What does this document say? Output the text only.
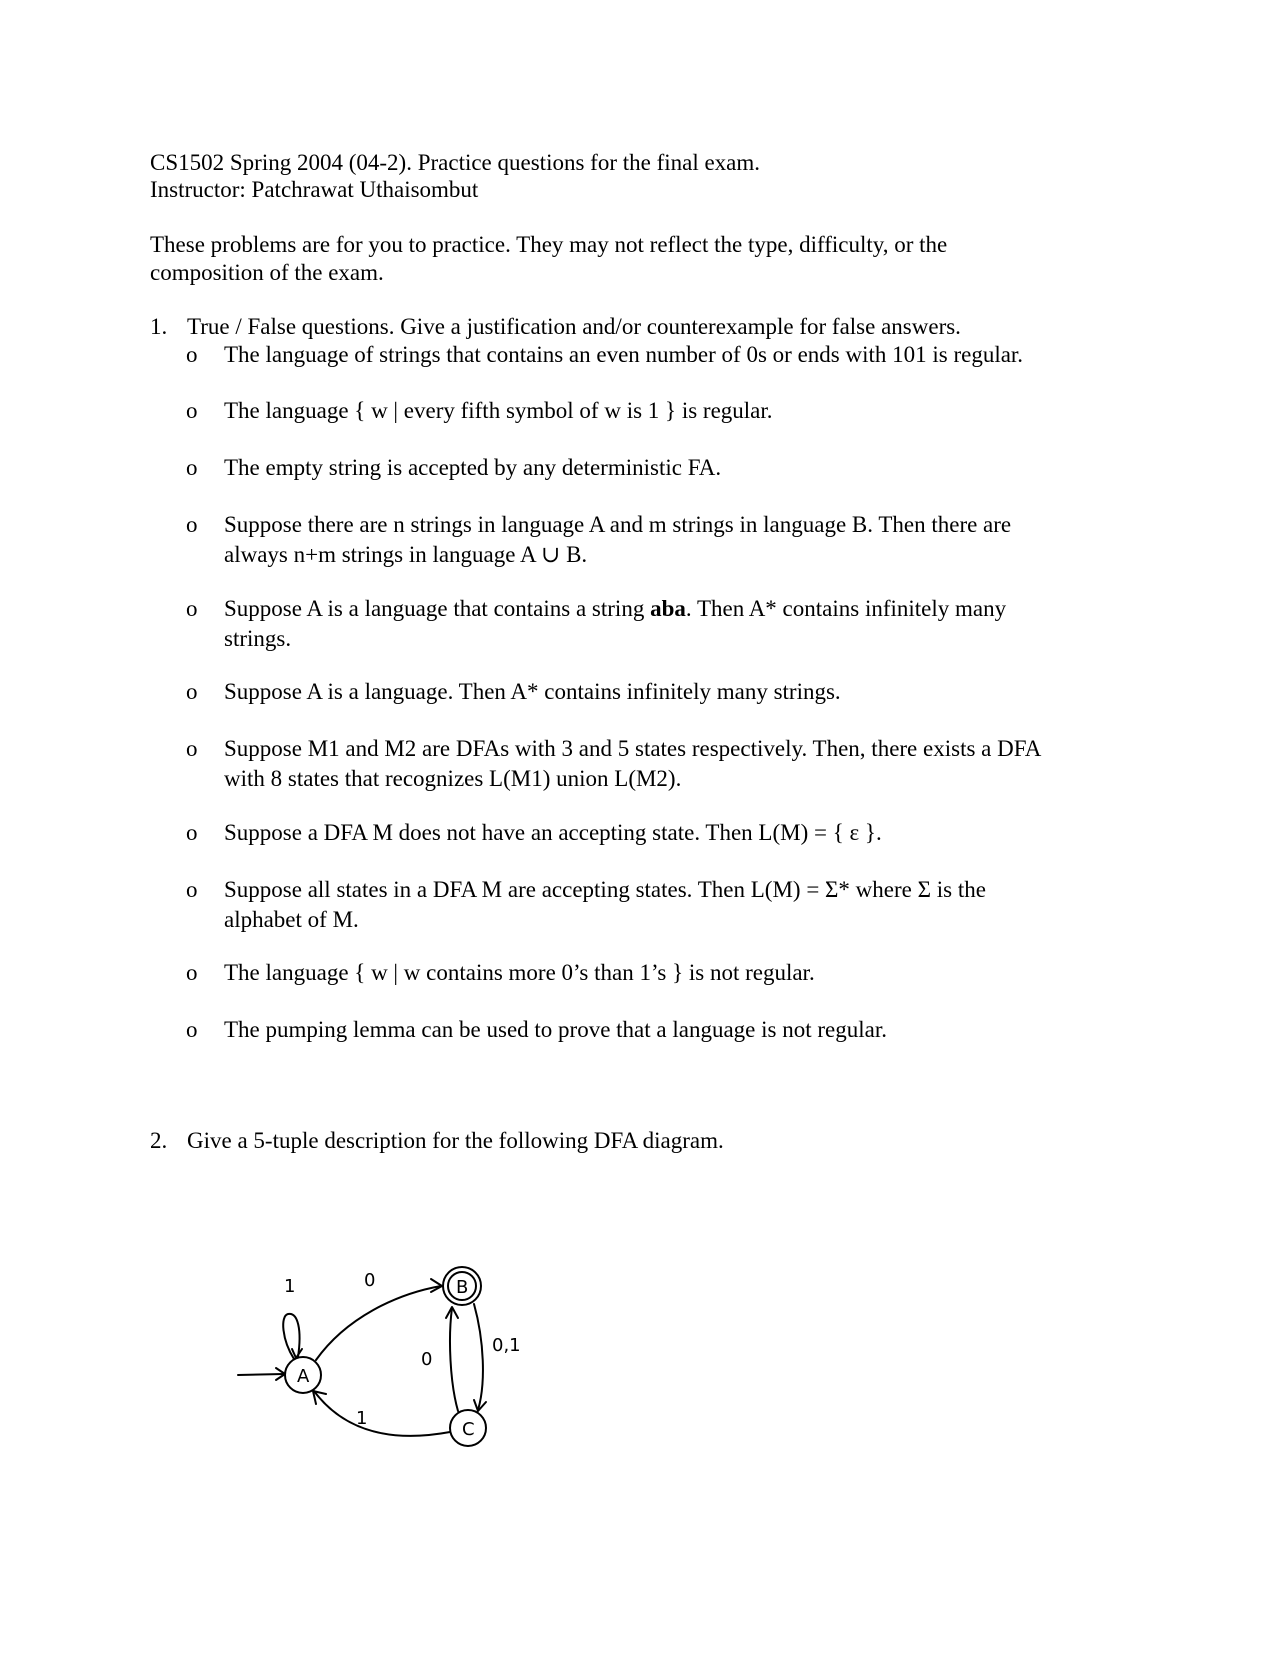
CS1502 Spring 2004 (04-2). Practice questions for the final exam.
Instructor: Patchrawat Uthaisombut
These problems are for you to practice. They may not reflect the type, difficulty, or the
composition of the exam.
1. True / False questions. Give a justification and/or counterexample for false answers.
o	The language of strings that contains an even number of 0s or ends with 101 is regular.
o	The language { w | every fifth symbol of w is 1 } is regular.
o	The empty string is accepted by any deterministic FA.
o	Suppose there are n strings in language A and m strings in language B. Then there are
always n+m strings in language A ∪ B.
o	Suppose A is a language that contains a string aba. Then A* contains infinitely many
strings.
o	Suppose A is a language. Then A* contains infinitely many strings.
o	Suppose M1 and M2 are DFAs with 3 and 5 states respectively. Then, there exists a DFA
with 8 states that recognizes L(M1) union L(M2).
o	Suppose a DFA M does not have an accepting state. Then L(M) = { ε }.
o	Suppose all states in a DFA M are accepting states. Then L(M) = Σ* where Σ is the
alphabet of M.
o	The language { w | w contains more 0’s than 1’s } is not regular.
o	The pumping lemma can be used to prove that a language is not regular.
2. Give a 5-tuple description for the following DFA diagram.
A
1	B
0
C
0
0,1
1
